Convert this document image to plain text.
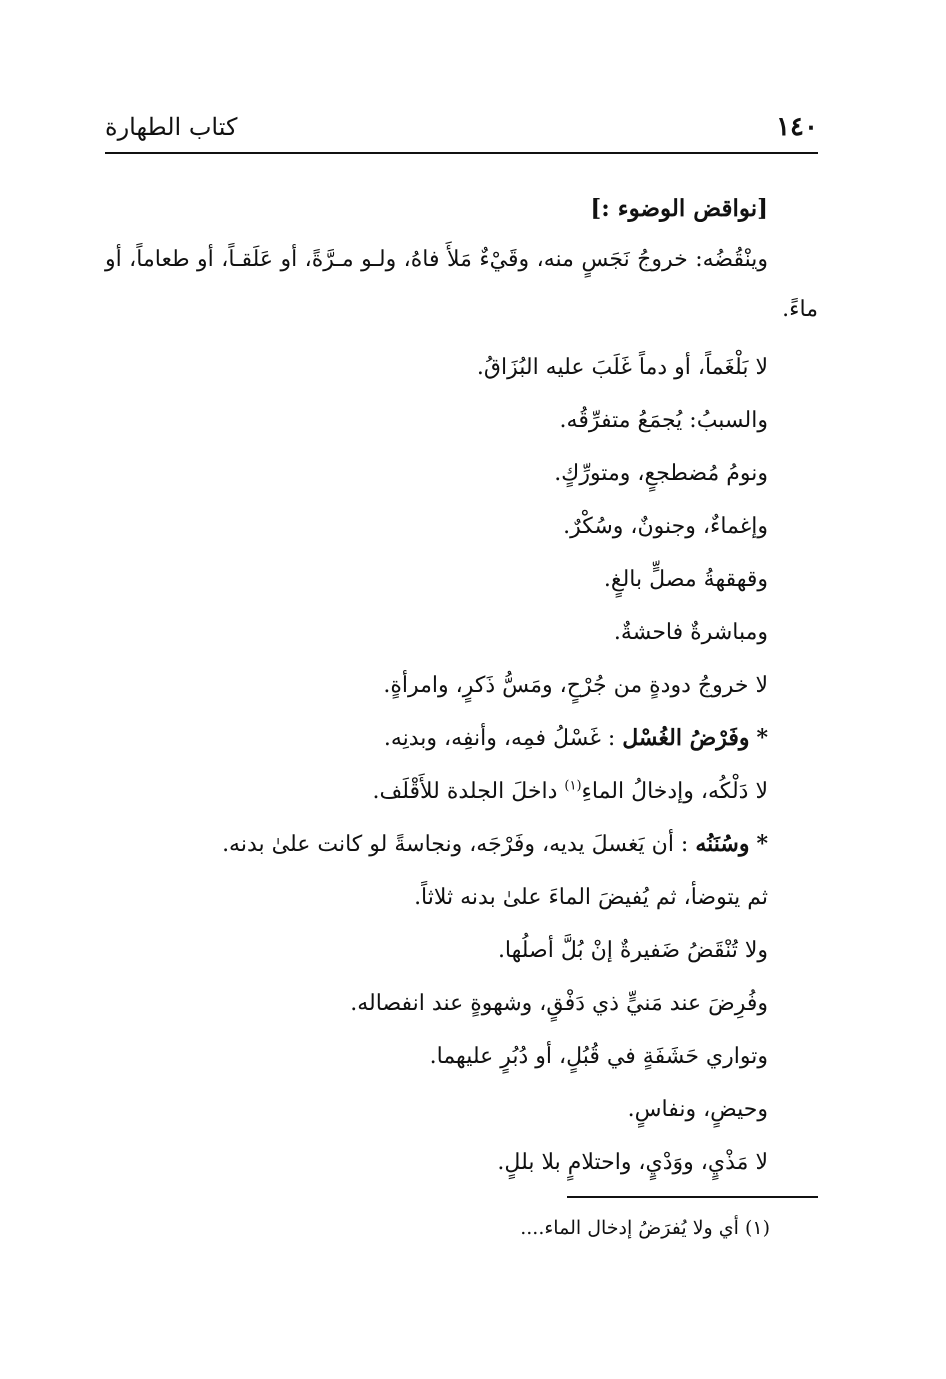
١٤٠
كتاب الطهارة
[نواقض الوضوء :]
وينْقُضُه: خروجُ نَجَسٍ منه، وقَيْءٌ مَلأَ فاهُ، ولـو مـرَّةً، أو عَلَقـاً، أو طعاماً، أو ماءً.
لا بَلْغَماً، أو دماً غَلَبَ عليه البُزَاقُ.
والسببُ: يُجمَعُ متفرِّقُه.
ونومُ مُضطجعٍ، ومتورِّكٍ.
وإغماءٌ، وجنونٌ، وسُكْرٌ.
وقهقهةُ مصلٍّ بالغٍ.
ومباشرةٌ فاحشةٌ.
لا خروجُ دودةٍ من جُرْحٍ، ومَسُّ ذَكرٍ، وامرأةٍ.
* وفَرْضُ الغُسْل : غَسْلُ فمِه، وأنفِه، وبدنِه.
لا دَلْكُه، وإدخالُ الماءِ$^{(١)}$ داخلَ الجلدة للأَقْلَف.
* وسُنَنُه : أن يَغسلَ يديه، وفَرْجَه، ونجاسةً لو كانت علىٰ بدنه.
ثم يتوضأ، ثم يُفيضَ الماءَ علىٰ بدنه ثلاثاً.
ولا تُنْقَضُ ضَفيرةٌ إنْ بُلَّ أصلُها.
وفُرِضَ عند مَنيٍّ ذي دَفْقٍ، وشهوةٍ عند انفصاله.
وتواري حَشَفَةٍ في قُبُلٍ، أو دُبُرٍ عليهما.
وحيضٍ، ونفاسٍ.
لا مَذْيٍ، ووَدْيٍ، واحتلامٍ بلا بللٍ.
(١) أي ولا يُفرَضُ إدخال الماء....
